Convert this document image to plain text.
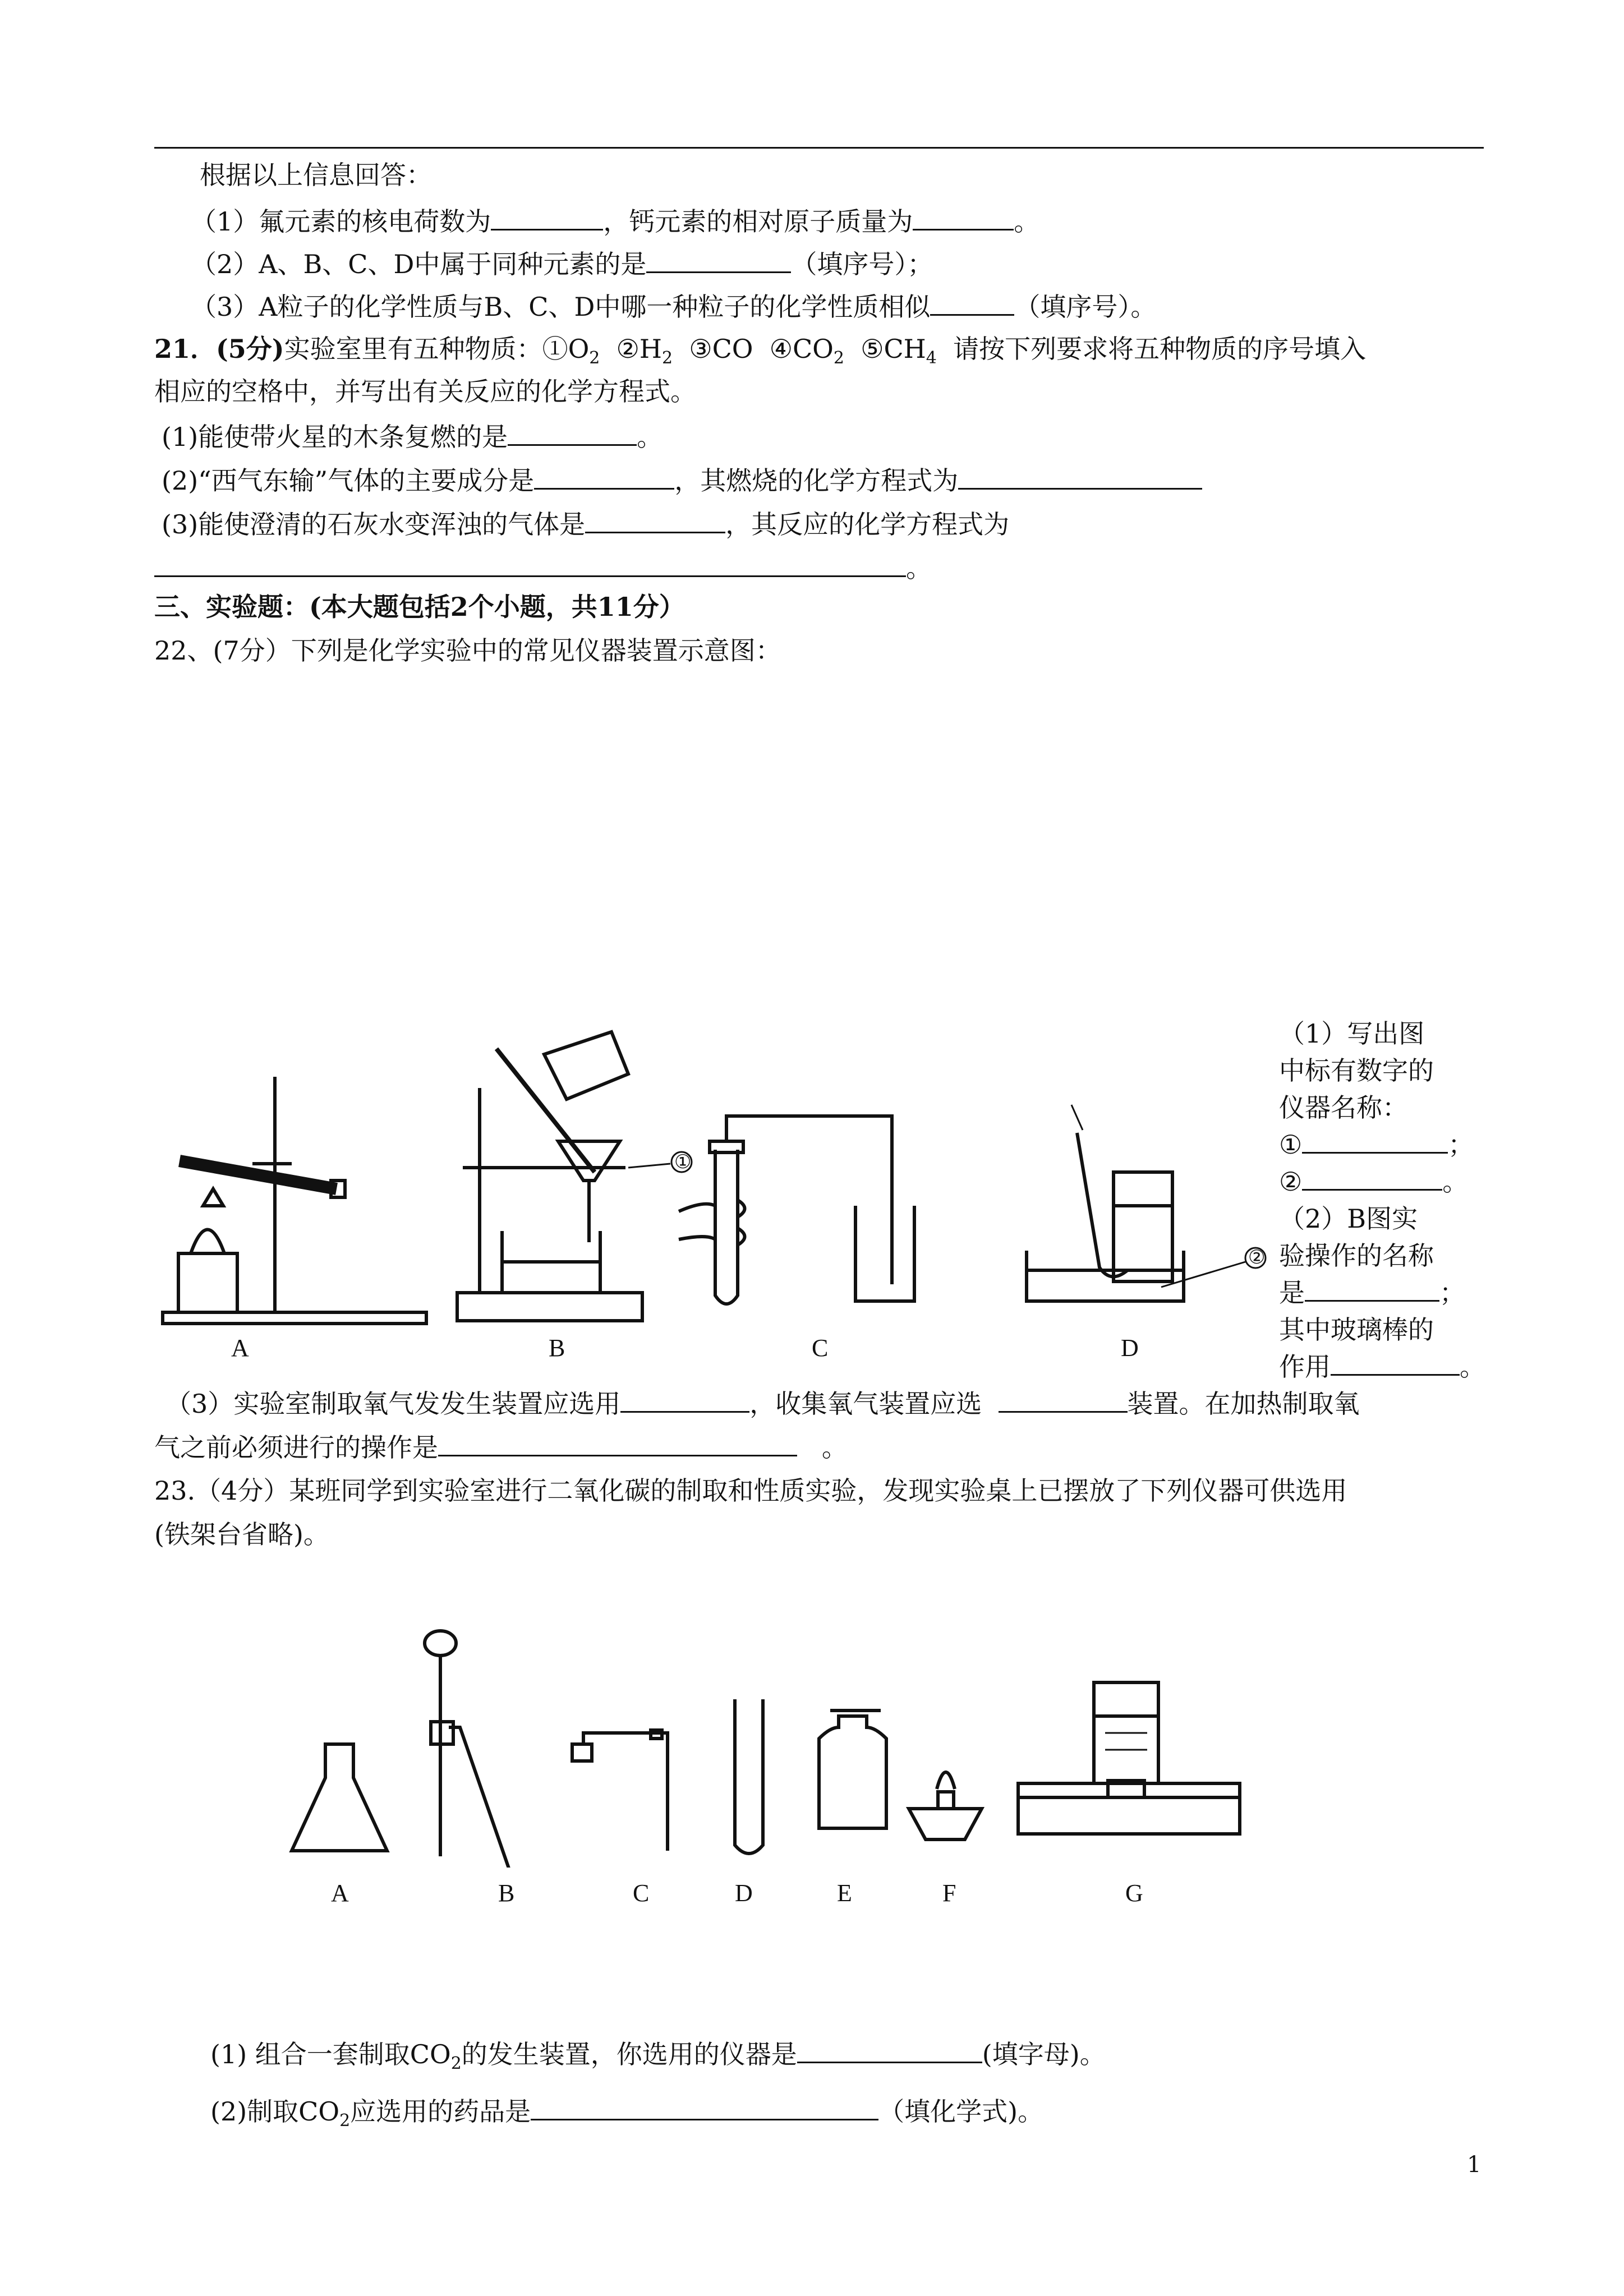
根据以上信息回答：
（1）氟元素的核电荷数为	，钙元素的相对原子质量为	。
（2）A、B、C、D中属于同种元素的是	（填序号）；
（3）A粒子的化学性质与B、C、D中哪一种粒子的化学性质相似	（填序号）。
21．(5分)实验室里有五种物质：$①O_2$ $②H_2$ ③CO $④CO_2$ $⑤CH_4$ 请按下列要求将五种物质的序号填入
相应的空格中，并写出有关反应的化学方程式。
(1)能使带火星的木条复燃的是	。
(2)“西气东输”气体的主要成分是	，其燃烧的化学方程式为
(3)能使澄清的石灰水变浑浊的气体是	，其反应的化学方程式为
。
三、实验题：(本大题包括2个小题，共11分）
22、(7分）下列是化学实验中的常见仪器装置示意图：
A	B	C	D
①
②
（1）写出图
中标有数字的
仪器名称：
①	；
②	。
（2）B图实
验操作的名称
是	；
其中玻璃棒的
作用	。
（3）实验室制取氧气发发生装置应选用	，收集氧气装置应选	装置。在加热制取氧
气之前必须进行的操作是	。
23.（4分）某班同学到实验室进行二氧化碳的制取和性质实验，发现实验桌上已摆放了下列仪器可供选用
(铁架台省略)。
A	B	C	D	E	F	G
(1) 组合一套制取$CO_2$的发生装置，你选用的仪器是	(填字母)。
(2)制取$CO_2$应选用的药品是	（填化学式)。
1
